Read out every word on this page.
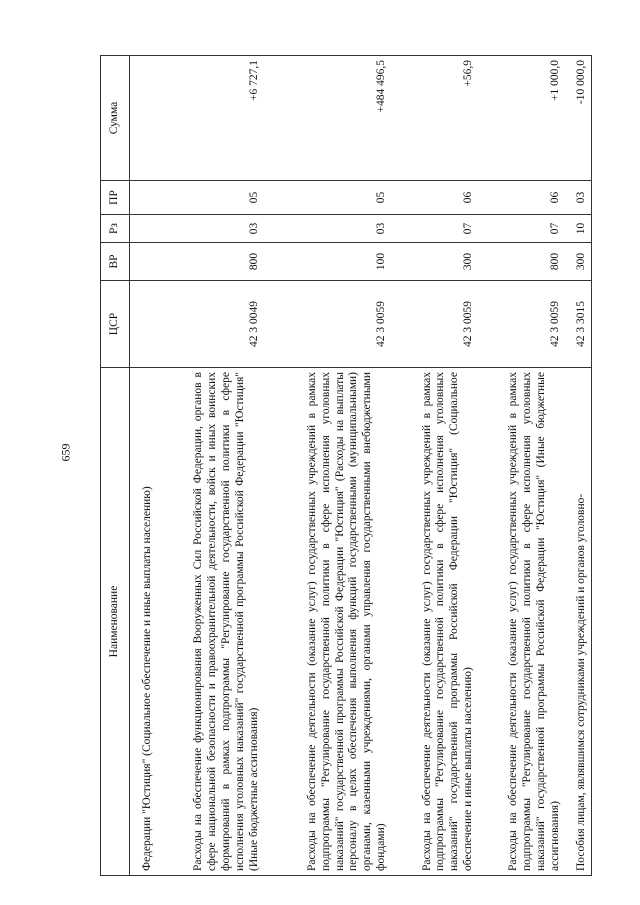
659
Наименование	ЦСР	ВР	Рз	ПР	Сумма
Федерации "Юстиция" (Социальное обеспечение и иные выплаты населению)					
Расходы на обеспечение функционирования Вооруженных Сил Российской Федерации, органов в сфере национальной безопасности и правоохранительной деятельности, войск и иных воинских формирований в рамках подпрограммы "Регулирование государственной политики в сфере исполнения уголовных наказаний" государственной программы Российской Федерации "Юстиция" (Иные бюджетные ассигнования)	42 3 0049	800	03	05	+6 727,1
Расходы на обеспечение деятельности (оказание услуг) государственных учреждений в рамках подпрограммы "Регулирование государственной политики в сфере исполнения уголовных наказаний" государственной программы Российской Федерации "Юстиция" (Расходы на выплаты персоналу в целях обеспечения выполнения функций государственными (муниципальными) органами, казенными учреждениями, органами управления государственными внебюджетными фондами)	42 3 0059	100	03	05	+484 496,5
Расходы на обеспечение деятельности (оказание услуг) государственных учреждений в рамках подпрограммы "Регулирование государственной политики в сфере исполнения уголовных наказаний" государственной программы Российской Федерации "Юстиция" (Социальное обеспечение и иные выплаты населению)	42 3 0059	300	07	06	+56,9
Расходы на обеспечение деятельности (оказание услуг) государственных учреждений в рамках подпрограммы "Регулирование государственной политики в сфере исполнения уголовных наказаний" государственной программы Российской Федерации "Юстиция" (Иные бюджетные ассигнования)	42 3 0059	800	07	06	+1 000,0
Пособия лицам, являвшимся сотрудниками учреждений и органов уголовно-	42 3 3015	300	10	03	-10 000,0
